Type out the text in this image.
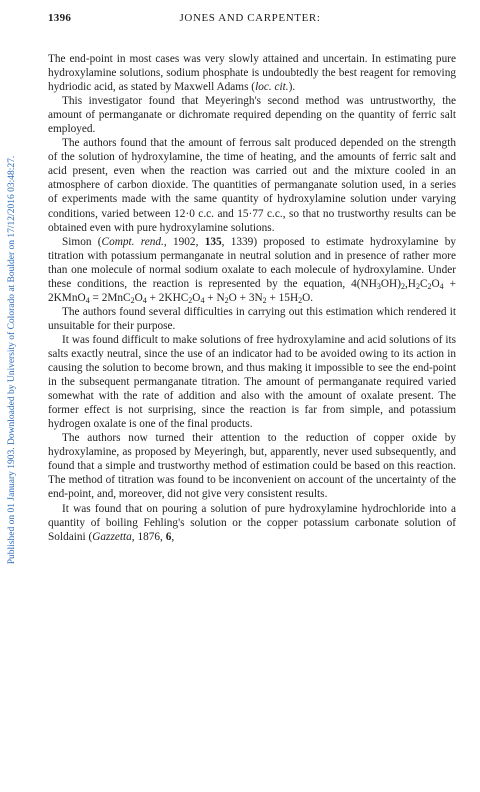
Published on 01 January 1903. Downloaded by University of Colorado at Boulder on 17/12/2016 03:48:27.
1396	JONES AND CARPENTER:

The end-point in most cases was very slowly attained and uncertain. In estimating pure hydroxylamine solutions, sodium phosphate is undoubtedly the best reagent for removing hydriodic acid, as stated by Maxwell Adams (loc. cit.).

This investigator found that Meyeringh's second method was untrustworthy, the amount of permanganate or dichromate required depending on the quantity of ferric salt employed.

The authors found that the amount of ferrous salt produced depended on the strength of the solution of hydroxylamine, the time of heating, and the amounts of ferric salt and acid present, even when the reaction was carried out and the mixture cooled in an atmosphere of carbon dioxide. The quantities of permanganate solution used, in a series of experiments made with the same quantity of hydroxylamine solution under varying conditions, varied between 12·0 c.c. and 15·77 c.c., so that no trustworthy results can be obtained even with pure hydroxylamine solutions.

Simon (Compt. rend., 1902, 135, 1339) proposed to estimate hydroxylamine by titration with potassium permanganate in neutral solution and in presence of rather more than one molecule of normal sodium oxalate to each molecule of hydroxylamine. Under these conditions, the reaction is represented by the equation, $4(NH_3OH)_2,H_2C_2O_4$ + 2KMnO$_4$ = $2MnC_2O_4 + 2KHC_2O_4 + N_2O + 3N_2 + 15H_2O$.

The authors found several difficulties in carrying out this estimation which rendered it unsuitable for their purpose.

It was found difficult to make solutions of free hydroxylamine and acid solutions of its salts exactly neutral, since the use of an indicator had to be avoided owing to its action in causing the solution to become brown, and thus making it impossible to see the end-point in the subsequent permanganate titration. The amount of permanganate required varied somewhat with the rate of addition and also with the amount of oxalate present. The former effect is not surprising, since the reaction is far from simple, and potassium hydrogen oxalate is one of the final products.

The authors now turned their attention to the reduction of copper oxide by hydroxylamine, as proposed by Meyeringh, but, apparently, never used subsequently, and found that a simple and trustworthy method of estimation could be based on this reaction. The method of titration was found to be inconvenient on account of the uncertainty of the end-point, and, moreover, did not give very consistent results.

It was found that on pouring a solution of pure hydroxylamine hydrochloride into a quantity of boiling Fehling's solution or the copper potassium carbonate solution of Soldaini (Gazzetta, 1876, 6,
